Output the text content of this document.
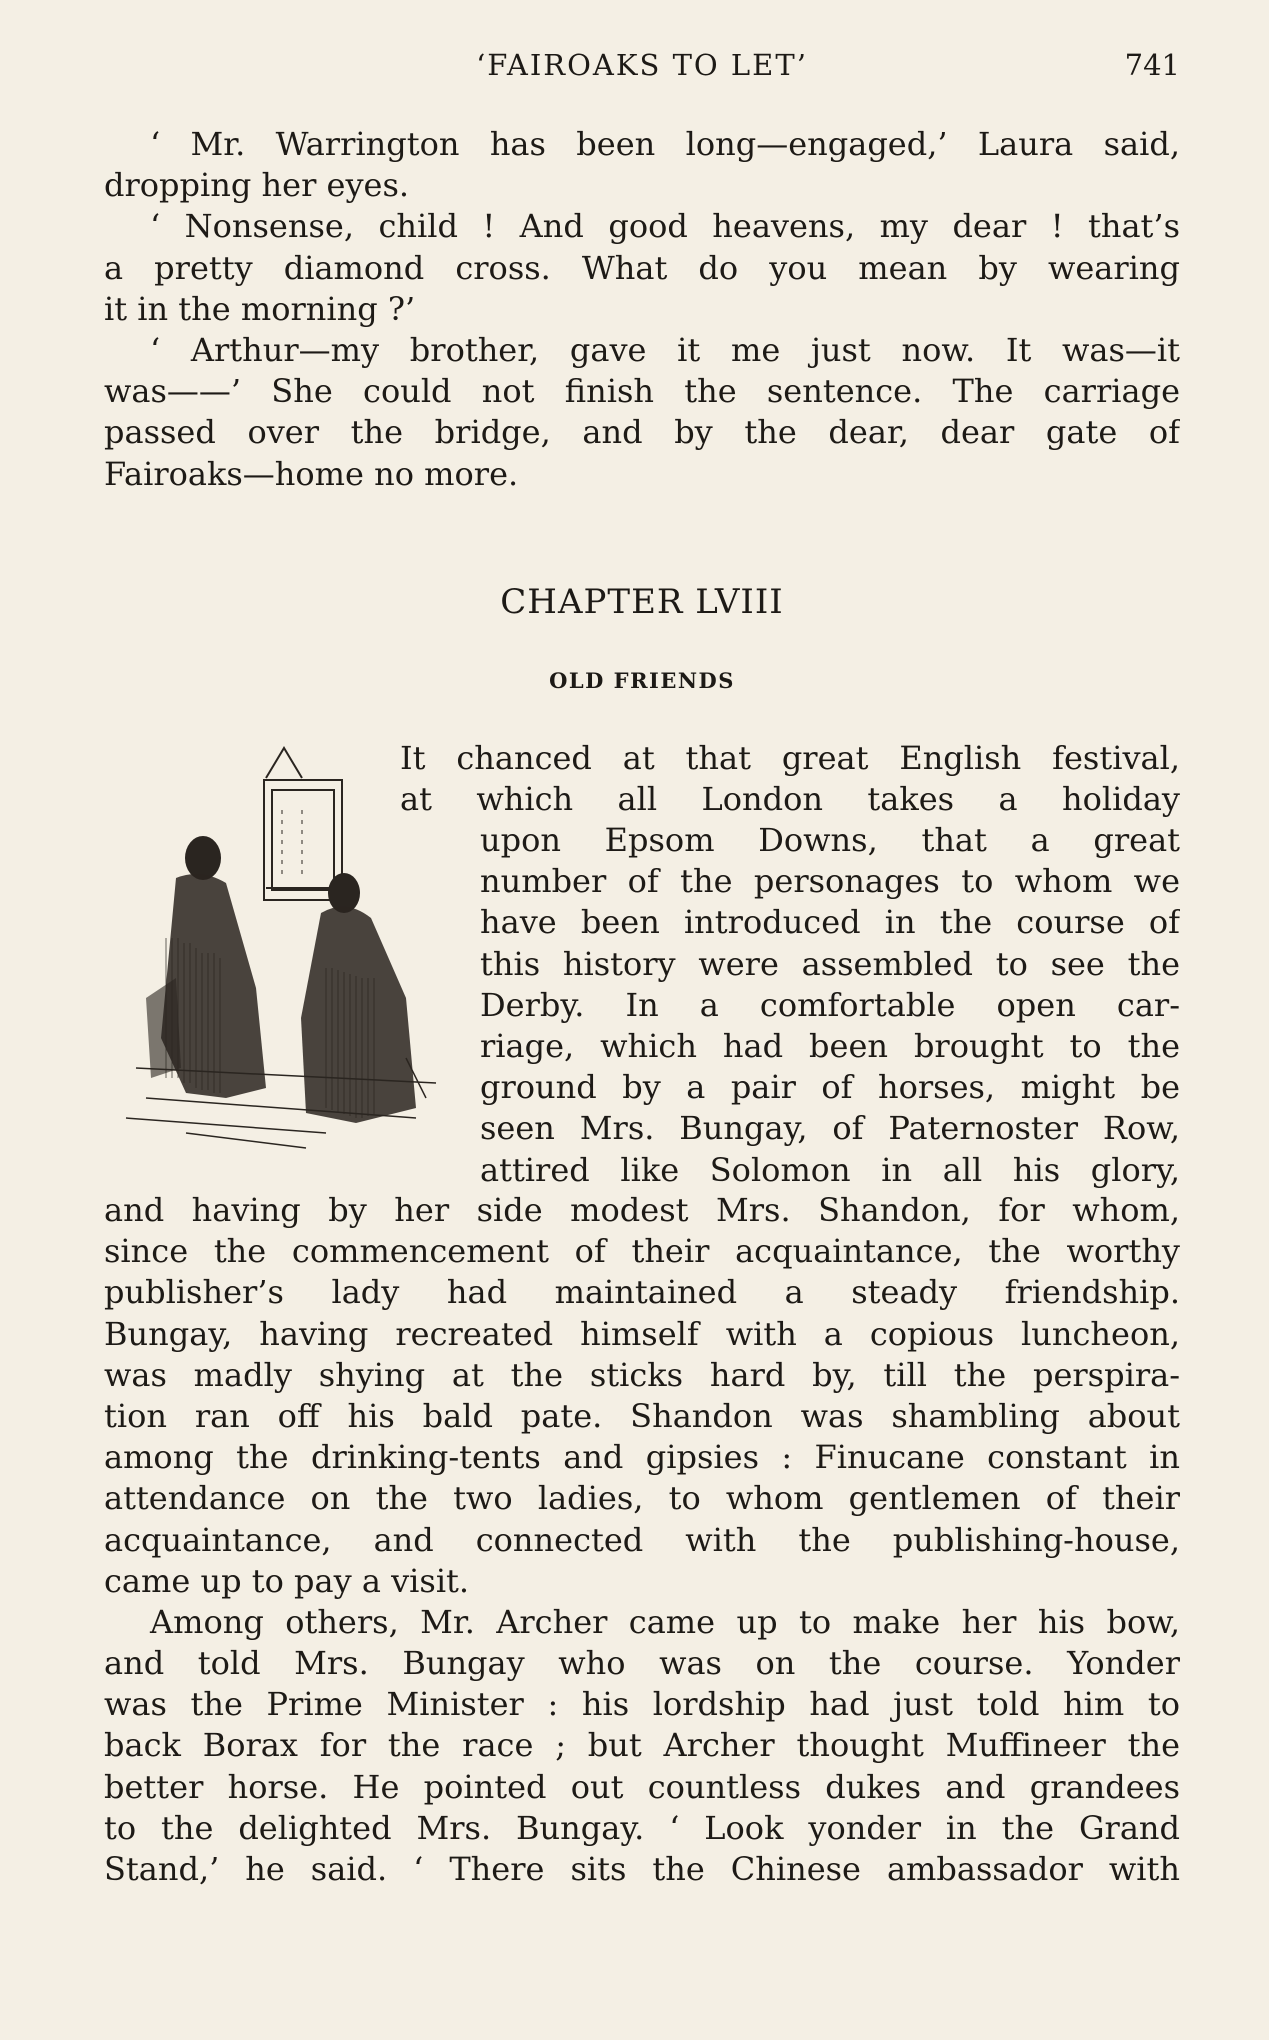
‘FAIROAKS TO LET’	741
‘ Mr. Warrington has been long—engaged,’ Laura said,
dropping her eyes.
‘ Nonsense, child ! And good heavens, my dear ! that’s
a pretty diamond cross. What do you mean by wearing
it in the morning ?’
‘ Arthur—my brother, gave it me just now. It was—it
was——’ She could not finish the sentence. The carriage
passed over the bridge, and by the dear, dear gate of
Fairoaks—home no more.
CHAPTER LVIII
OLD FRIENDS
It chanced at that great English festival,
at which all London takes a holiday
upon Epsom Downs, that a great
number of the personages to whom we
have been introduced in the course of
this history were assembled to see the
Derby. In a comfortable open car-
riage, which had been brought to the
ground by a pair of horses, might be
seen Mrs. Bungay, of Paternoster Row,
attired like Solomon in all his glory,
and having by her side modest Mrs. Shandon, for whom,
since the commencement of their acquaintance, the worthy
publisher’s lady had maintained a steady friendship.
Bungay, having recreated himself with a copious luncheon,
was madly shying at the sticks hard by, till the perspira-
tion ran off his bald pate. Shandon was shambling about
among the drinking-tents and gipsies : Finucane constant in
attendance on the two ladies, to whom gentlemen of their
acquaintance, and connected with the publishing-house,
came up to pay a visit.
Among others, Mr. Archer came up to make her his bow,
and told Mrs. Bungay who was on the course. Yonder
was the Prime Minister : his lordship had just told him to
back Borax for the race ; but Archer thought Muffineer the
better horse. He pointed out countless dukes and grandees
to the delighted Mrs. Bungay. ‘ Look yonder in the Grand
Stand,’ he said. ‘ There sits the Chinese ambassador with
